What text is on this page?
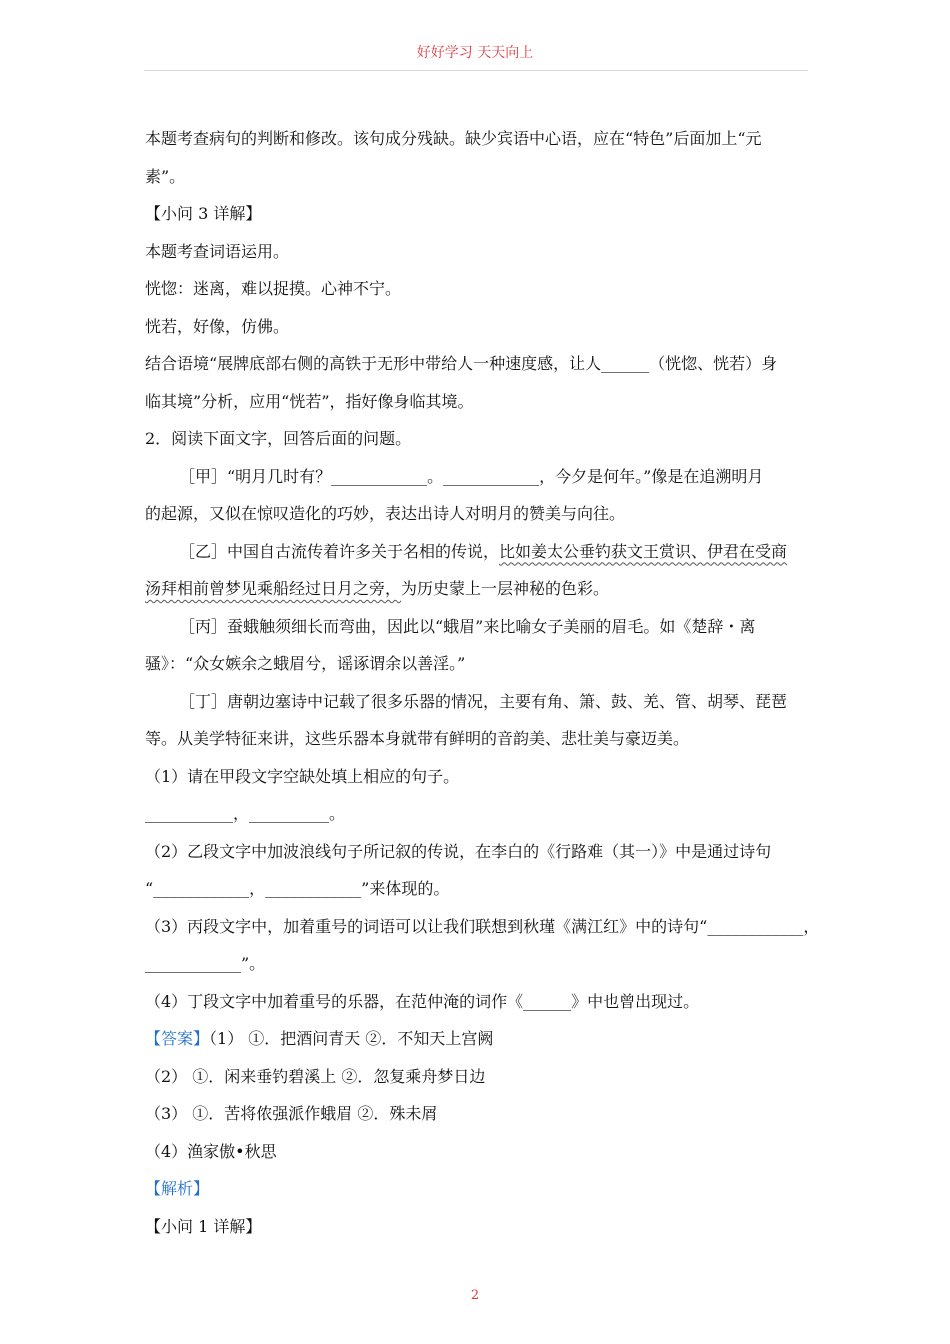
好好学习 天天向上

本题考查病句的判断和修改。该句成分残缺。缺少宾语中心语，应在“特色”后面加上“元

素”。

【小问 3 详解】

本题考查词语运用。

恍惚：迷离，难以捉摸。心神不宁。

恍若，好像，仿佛。

结合语境“展牌底部右侧的高铁于无形中带给人一种速度感，让人______（恍惚、恍若）身

临其境”分析，应用“恍若”，指好像身临其境。

2．阅读下面文字，回答后面的问题。

［甲］“明月几时有？____________。____________，今夕是何年。”像是在追溯明月

的起源，又似在惊叹造化的巧妙，表达出诗人对明月的赞美与向往。

［乙］中国自古流传着许多关于名相的传说，比如姜太公垂钓获文王赏识、伊君在受商

汤拜相前曾梦见乘船经过日月之旁，为历史蒙上一层神秘的色彩。

［丙］蚕蛾触须细长而弯曲，因此以“蛾眉”来比喻女子美丽的眉毛。如《楚辞・离

骚》：“众女嫉余之蛾眉兮，谣诼谓余以善淫。”

［丁］唐朝边塞诗中记载了很多乐器的情况，主要有角、箫、鼓、羌、管、胡琴、琵琶

等。从美学特征来讲，这些乐器本身就带有鲜明的音韵美、悲壮美与豪迈美。

（1）请在甲段文字空缺处填上相应的句子。

___________，__________。

（2）乙段文字中加波浪线句子所记叙的传说，在李白的《行路难（其一）》中是通过诗句

“____________，____________”来体现的。

（3）丙段文字中，加着重号的词语可以让我们联想到秋瑾《满江红》中的诗句“____________，

____________”。

（4）丁段文字中加着重号的乐器，在范仲淹的词作《______》中也曾出现过。

【答案】（1） ①．把酒问青天 ②．不知天上宫阙

（2） ①．闲来垂钓碧溪上 ②．忽复乘舟梦日边

（3） ①．苦将侬强派作蛾眉 ②．殊未屑

（4）渔家傲•秋思

【解析】

【小问 1 详解】

2
